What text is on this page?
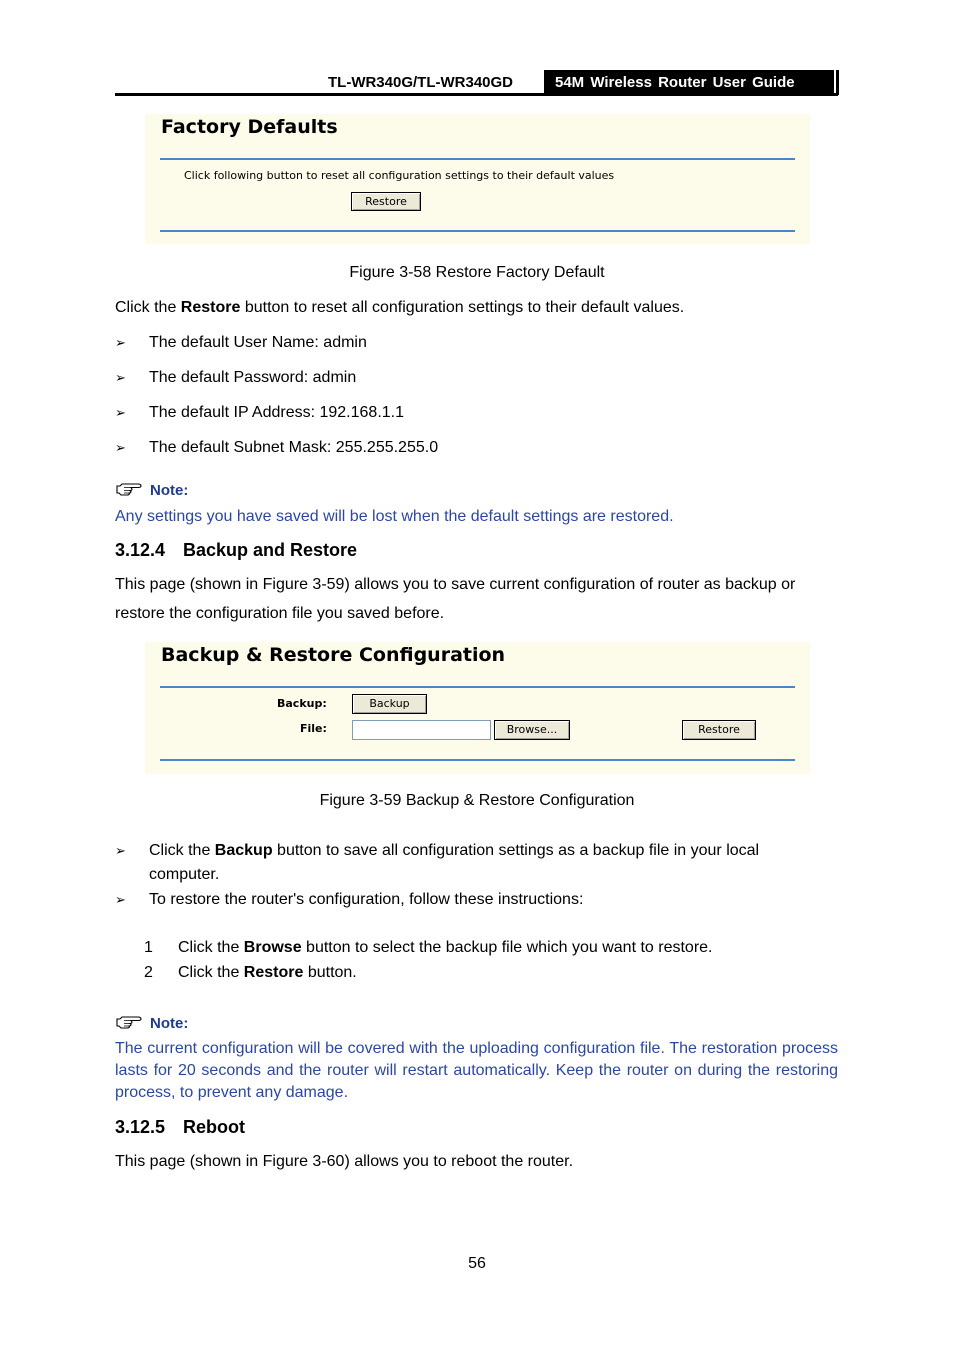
TL-WR340G/TL-WR340GD	54M Wireless Router User Guide
Factory Defaults
Click following button to reset all configuration settings to their default values
Restore
Figure 3-58 Restore Factory Default
Click the Restore button to reset all configuration settings to their default values.
➢ The default User Name: admin
➢ The default Password: admin
➢ The default IP Address: 192.168.1.1
➢ The default Subnet Mask: 255.255.255.0
Note:
Any settings you have saved will be lost when the default settings are restored.
3.12.4 Backup and Restore
This page (shown in Figure 3-59) allows you to save current configuration of router as backup or
restore the configuration file you saved before.
Backup & Restore Configuration
Backup:	Backup
File:	Browse...	Restore
Figure 3-59 Backup & Restore Configuration
➢ Click the Backup button to save all configuration settings as a backup file in your local
computer.
➢ To restore the router's configuration, follow these instructions:
1 Click the Browse button to select the backup file which you want to restore.
2 Click the Restore button.
Note:
The current configuration will be covered with the uploading configuration file. The restoration process lasts for 20 seconds and the router will restart automatically. Keep the router on during the restoring process, to prevent any damage.
3.12.5 Reboot
This page (shown in Figure 3-60) allows you to reboot the router.
56
